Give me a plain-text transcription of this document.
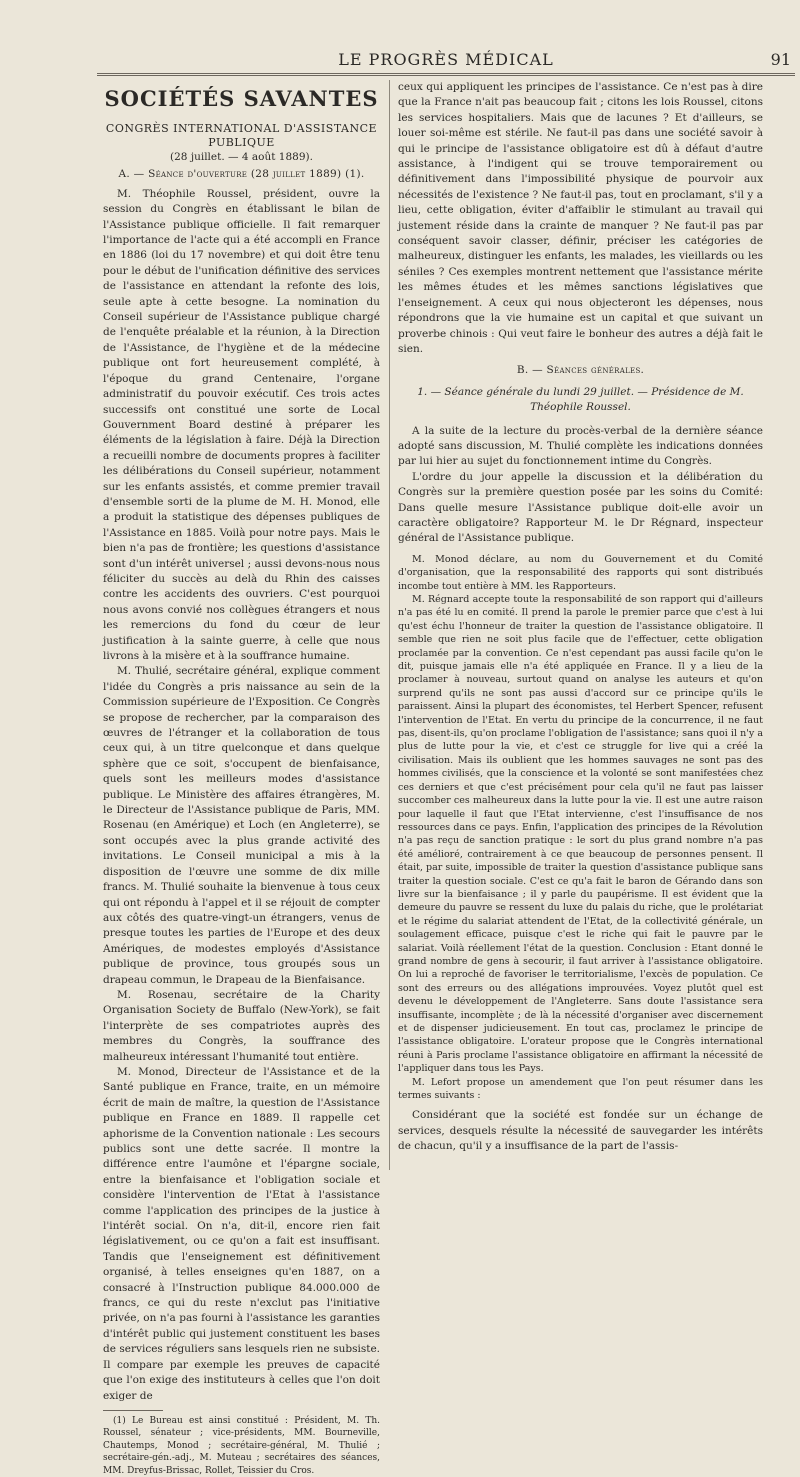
LE PROGRÈS MÉDICAL	91
SOCIÉTÉS SAVANTES

CONGRÈS INTERNATIONAL D'ASSISTANCE PUBLIQUE

(28 juillet. — 4 août 1889).

A. — Séance d'ouverture (28 juillet 1889) (1).

M. Théophile Roussel, président, ouvre la session du Congrès en établissant le bilan de l'Assistance publique officielle. Il fait remarquer l'importance de l'acte qui a été accompli en France en 1886 (loi du 17 novembre) et qui doit être tenu pour le début de l'unification définitive des services de l'assistance en attendant la refonte des lois, seule apte à cette besogne. La nomination du Conseil supérieur de l'Assistance publique chargé de l'enquête préalable et la réunion, à la Direction de l'Assistance, de l'hygiène et de la médecine publique ont fort heureusement complété, à l'époque du grand Centenaire, l'organe administratif du pouvoir exécutif. Ces trois actes successifs ont constitué une sorte de Local Gouvernment Board destiné à préparer les éléments de la législation à faire. Déjà la Direction a recueilli nombre de documents propres à faciliter les délibérations du Conseil supérieur, notamment sur les enfants assistés, et comme premier travail d'ensemble sorti de la plume de M. H. Monod, elle a produit la statistique des dépenses publiques de l'Assistance en 1885. Voilà pour notre pays. Mais le bien n'a pas de frontière; les questions d'assistance sont d'un intérêt universel ; aussi devons-nous nous féliciter du succès au delà du Rhin des caisses contre les accidents des ouvriers. C'est pourquoi nous avons convié nos collègues étrangers et nous les remercions du fond du cœur de leur justification à la sainte guerre, à celle que nous livrons à la misère et à la souffrance humaine.

M. Thulié, secrétaire général, explique comment l'idée du Congrès a pris naissance au sein de la Commission supérieure de l'Exposition. Ce Congrès se propose de rechercher, par la comparaison des œuvres de l'étranger et la collaboration de tous ceux qui, à un titre quelconque et dans quelque sphère que ce soit, s'occupent de bienfaisance, quels sont les meilleurs modes d'assistance publique. Le Ministère des affaires étrangères, M. le Directeur de l'Assistance publique de Paris, MM. Rosenau (en Amérique) et Loch (en Angleterre), se sont occupés avec la plus grande activité des invitations. Le Conseil municipal a mis à la disposition de l'œuvre une somme de dix mille francs. M. Thulié souhaite la bienvenue à tous ceux qui ont répondu à l'appel et il se réjouit de compter aux côtés des quatre-vingt-un étrangers, venus de presque toutes les parties de l'Europe et des deux Amériques, de modestes employés d'Assistance publique de province, tous groupés sous un drapeau commun, le Drapeau de la Bienfaisance.

M. Rosenau, secrétaire de la Charity Organisation Society de Buffalo (New-York), se fait l'interprète de ses compatriotes auprès des membres du Congrès, la souffrance des malheureux intéressant l'humanité tout entière.

M. Monod, Directeur de l'Assistance et de la Santé publique en France, traite, en un mémoire écrit de main de maître, la question de l'Assistance publique en France en 1889. Il rappelle cet aphorisme de la Convention nationale : Les secours publics sont une dette sacrée. Il montre la différence entre l'aumône et l'épargne sociale, entre la bienfaisance et l'obligation sociale et considère l'intervention de l'Etat à l'assistance comme l'application des principes de la justice à l'intérêt social. On n'a, dit-il, encore rien fait législativement, ou ce qu'on a fait est insuffisant. Tandis que l'enseignement est définitivement organisé, à telles enseignes qu'en 1887, on a consacré à l'Instruction publique 84.000.000 de francs, ce qui du reste n'exclut pas l'initiative privée, on n'a pas fourni à l'assistance les garanties d'intérêt public qui justement constituent les bases de services réguliers sans lesquels rien ne subsiste. Il compare par exemple les preuves de capacité que l'on exige des instituteurs à celles que l'on doit exiger de

(1) Le Bureau est ainsi constitué : Président, M. Th. Roussel, sénateur ; vice-présidents, MM. Bourneville, Chautemps, Monod ; secrétaire-général, M. Thulié ; secrétaire-gén.-adj., M. Muteau ; secrétaires des séances, MM. Dreyfus-Brissac, Rollet, Teissier du Cros.

ceux qui appliquent les principes de l'assistance. Ce n'est pas à dire que la France n'ait pas beaucoup fait ; citons les lois Roussel, citons les services hospitaliers. Mais que de lacunes ? Et d'ailleurs, se louer soi-même est stérile. Ne faut-il pas dans une société savoir à qui le principe de l'assistance obligatoire est dû à défaut d'autre assistance, à l'indigent qui se trouve temporairement ou définitivement dans l'impossibilité physique de pourvoir aux nécessités de l'existence ? Ne faut-il pas, tout en proclamant, s'il y a lieu, cette obligation, éviter d'affaiblir le stimulant au travail qui justement réside dans la crainte de manquer ? Ne faut-il pas par conséquent savoir classer, définir, préciser les catégories de malheureux, distinguer les enfants, les malades, les vieillards ou les séniles ? Ces exemples montrent nettement que l'assistance mérite les mêmes études et les mêmes sanctions législatives que l'enseignement. A ceux qui nous objecteront les dépenses, nous répondrons que la vie humaine est un capital et que suivant un proverbe chinois : Qui veut faire le bonheur des autres a déjà fait le sien.

B. — Séances générales.

1. — Séance générale du lundi 29 juillet. — Présidence de M. Théophile Roussel.

A la suite de la lecture du procès-verbal de la dernière séance adopté sans discussion, M. Thulié complète les indications données par lui hier au sujet du fonctionnement intime du Congrès.

L'ordre du jour appelle la discussion et la délibération du Congrès sur la première question posée par les soins du Comité: Dans quelle mesure l'Assistance publique doit-elle avoir un caractère obligatoire? Rapporteur M. le Dr Régnard, inspecteur général de l'Assistance publique.

M. Monod déclare, au nom du Gouvernement et du Comité d'organisation, que la responsabilité des rapports qui sont distribués incombe tout entière à MM. les Rapporteurs.

M. Régnard accepte toute la responsabilité de son rapport qui d'ailleurs n'a pas été lu en comité. Il prend la parole le premier parce que c'est à lui qu'est échu l'honneur de traiter la question de l'assistance obligatoire. Il semble que rien ne soit plus facile que de l'effectuer, cette obligation proclamée par la convention. Ce n'est cependant pas aussi facile qu'on le dit, puisque jamais elle n'a été appliquée en France. Il y a lieu de la proclamer à nouveau, surtout quand on analyse les auteurs et qu'on surprend qu'ils ne sont pas aussi d'accord sur ce principe qu'ils le paraissent. Ainsi la plupart des économistes, tel Herbert Spencer, refusent l'intervention de l'Etat. En vertu du principe de la concurrence, il ne faut pas, disent-ils, qu'on proclame l'obligation de l'assistance; sans quoi il n'y a plus de lutte pour la vie, et c'est ce struggle for live qui a créé la civilisation. Mais ils oublient que les hommes sauvages ne sont pas des hommes civilisés, que la conscience et la volonté se sont manifestées chez ces derniers et que c'est précisément pour cela qu'il ne faut pas laisser succomber ces malheureux dans la lutte pour la vie. Il est une autre raison pour laquelle il faut que l'Etat intervienne, c'est l'insuffisance de nos ressources dans ce pays. Enfin, l'application des principes de la Révolution n'a pas reçu de sanction pratique : le sort du plus grand nombre n'a pas été amélioré, contrairement à ce que beaucoup de personnes pensent. Il était, par suite, impossible de traiter la question d'assistance publique sans traiter la question sociale. C'est ce qu'a fait le baron de Gérando dans son livre sur la bienfaisance ; il y parle du paupérisme. Il est évident que la demeure du pauvre se ressent du luxe du palais du riche, que le prolétariat et le régime du salariat attendent de l'Etat, de la collectivité générale, un soulagement efficace, puisque c'est le riche qui fait le pauvre par le salariat. Voilà réellement l'état de la question. Conclusion : Etant donné le grand nombre de gens à secourir, il faut arriver à l'assistance obligatoire. On lui a reproché de favoriser le territorialisme, l'excès de population. Ce sont des erreurs ou des allégations improuvées. Voyez plutôt quel est devenu le développement de l'Angleterre. Sans doute l'assistance sera insuffisante, incomplète ; de là la nécessité d'organiser avec discernement et de dispenser judicieusement. En tout cas, proclamez le principe de l'assistance obligatoire. L'orateur propose que le Congrès international réuni à Paris proclame l'assistance obligatoire en affirmant la nécessité de l'appliquer dans tous les Pays.

M. Lefort propose un amendement que l'on peut résumer dans les termes suivants :

Considérant que la société est fondée sur un échange de services, desquels résulte la nécessité de sauvegarder les intérêts de chacun, qu'il y a insuffisance de la part de l'assis-
